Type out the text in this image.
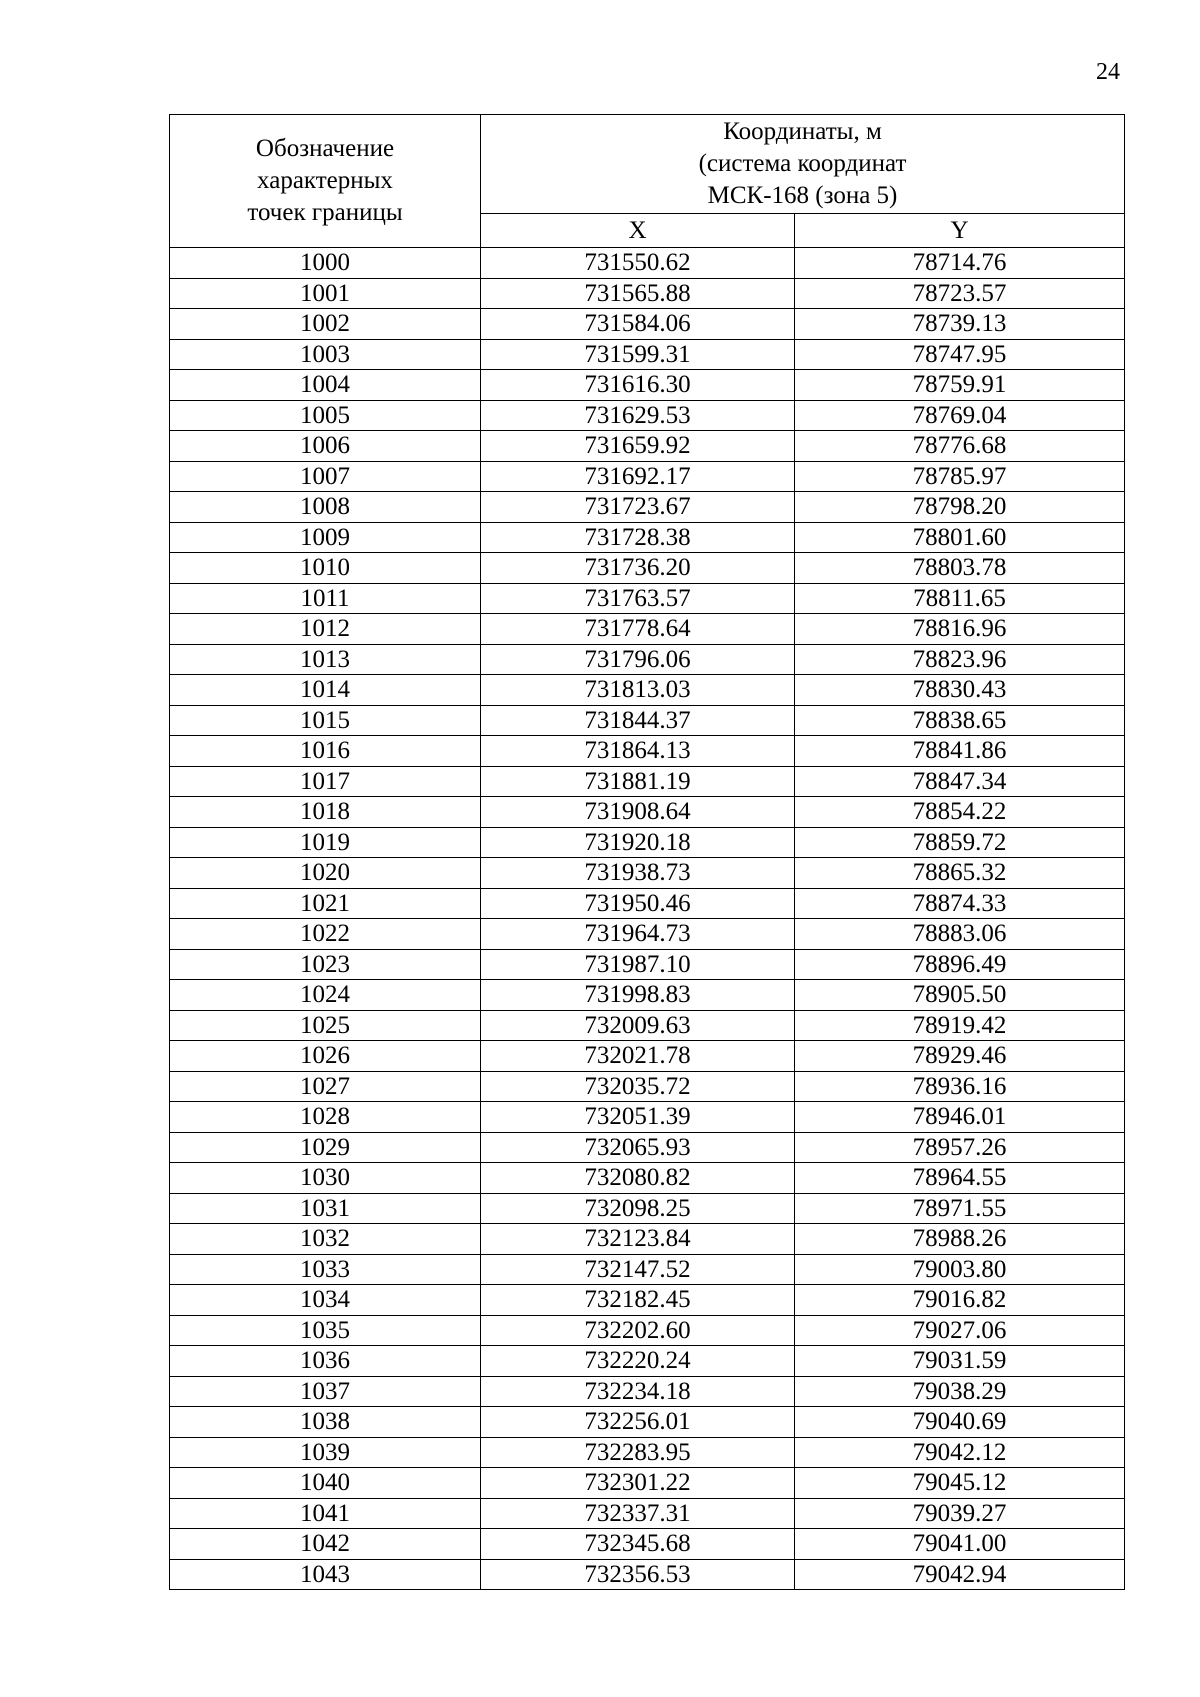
24
Обозначение
характерных
точек границы	Координаты, м
(система координат
МСК-168 (зона 5)	

	X	Y
1000	731550.62	78714.76
1001	731565.88	78723.57
1002	731584.06	78739.13
1003	731599.31	78747.95
1004	731616.30	78759.91
1005	731629.53	78769.04
1006	731659.92	78776.68
1007	731692.17	78785.97
1008	731723.67	78798.20
1009	731728.38	78801.60
1010	731736.20	78803.78
1011	731763.57	78811.65
1012	731778.64	78816.96
1013	731796.06	78823.96
1014	731813.03	78830.43
1015	731844.37	78838.65
1016	731864.13	78841.86
1017	731881.19	78847.34
1018	731908.64	78854.22
1019	731920.18	78859.72
1020	731938.73	78865.32
1021	731950.46	78874.33
1022	731964.73	78883.06
1023	731987.10	78896.49
1024	731998.83	78905.50
1025	732009.63	78919.42
1026	732021.78	78929.46
1027	732035.72	78936.16
1028	732051.39	78946.01
1029	732065.93	78957.26
1030	732080.82	78964.55
1031	732098.25	78971.55
1032	732123.84	78988.26
1033	732147.52	79003.80
1034	732182.45	79016.82
1035	732202.60	79027.06
1036	732220.24	79031.59
1037	732234.18	79038.29
1038	732256.01	79040.69
1039	732283.95	79042.12
1040	732301.22	79045.12
1041	732337.31	79039.27
1042	732345.68	79041.00
1043	732356.53	79042.94
